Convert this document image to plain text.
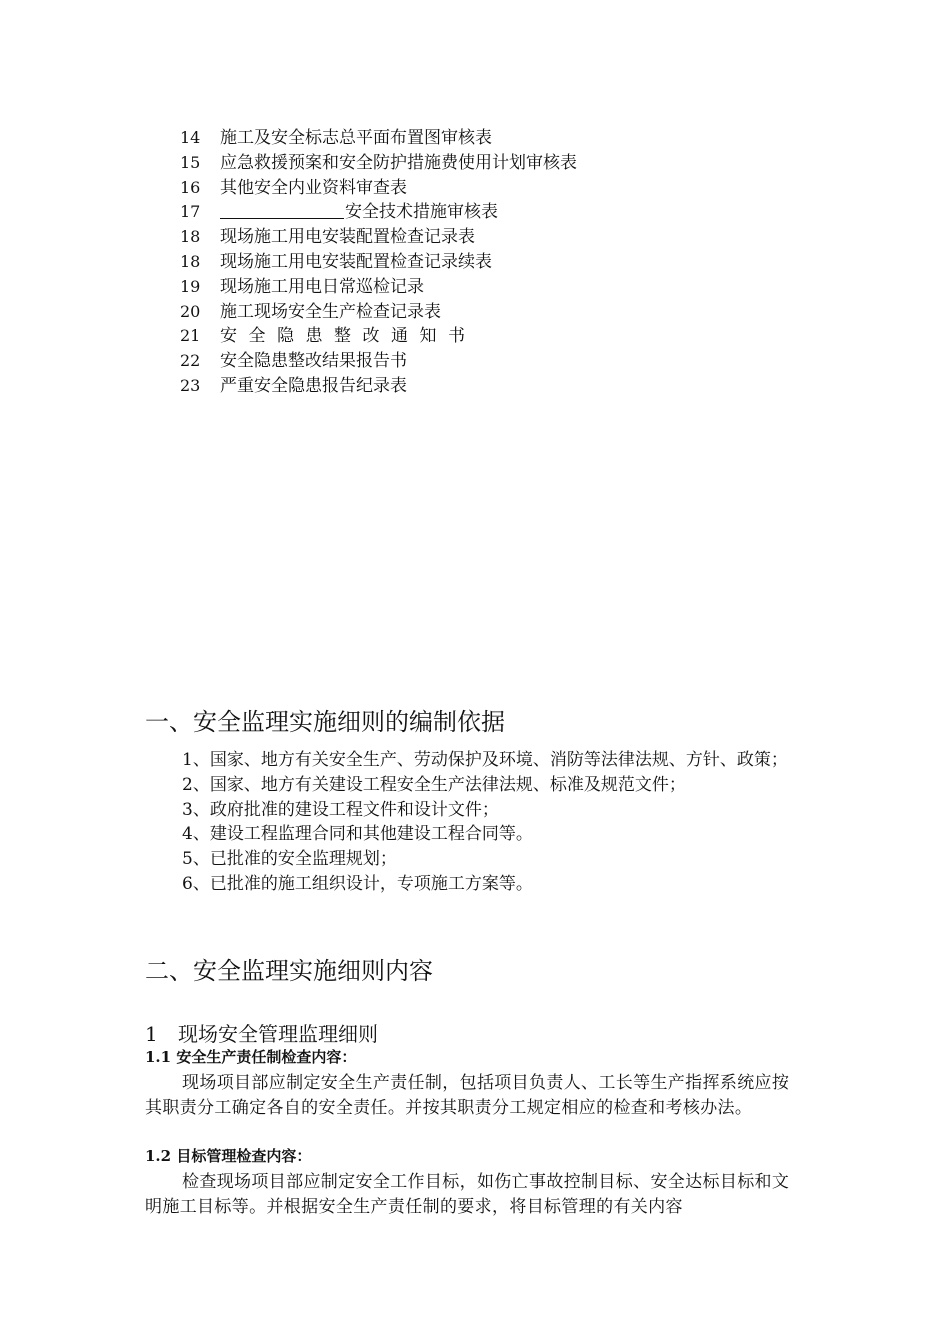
14 施工及安全标志总平面布置图审核表
15 应急救援预案和安全防护措施费使用计划审核表
16 其他安全内业资料审查表
17	安全技术措施审核表
18 现场施工用电安装配置检查记录表
18 现场施工用电安装配置检查记录续表
19 现场施工用电日常巡检记录
20 施工现场安全生产检查记录表
21 安全隐患整改通知书
22 安全隐患整改结果报告书
23 严重安全隐患报告纪录表
一、安全监理实施细则的编制依据

1、国家、地方有关安全生产、劳动保护及环境、消防等法律法规、方针、政策；

2、国家、地方有关建设工程安全生产法律法规、标准及规范文件；

3、政府批准的建设工程文件和设计文件；

4、建设工程监理合同和其他建设工程合同等。

5、已批准的安全监理规划；

6、已批准的施工组织设计，专项施工方案等。

二、安全监理实施细则内容
1 现场安全管理监理细则
1.1 安全生产责任制检查内容：

现场项目部应制定安全生产责任制，包括项目负责人、工长等生产指挥系统应按其职责分工确定各自的安全责任。并按其职责分工规定相应的检查和考核办法。

1.2 目标管理检查内容：

检查现场项目部应制定安全工作目标，如伤亡事故控制目标、安全达标目标和文明施工目标等。并根据安全生产责任制的要求，将目标管理的有关内容
